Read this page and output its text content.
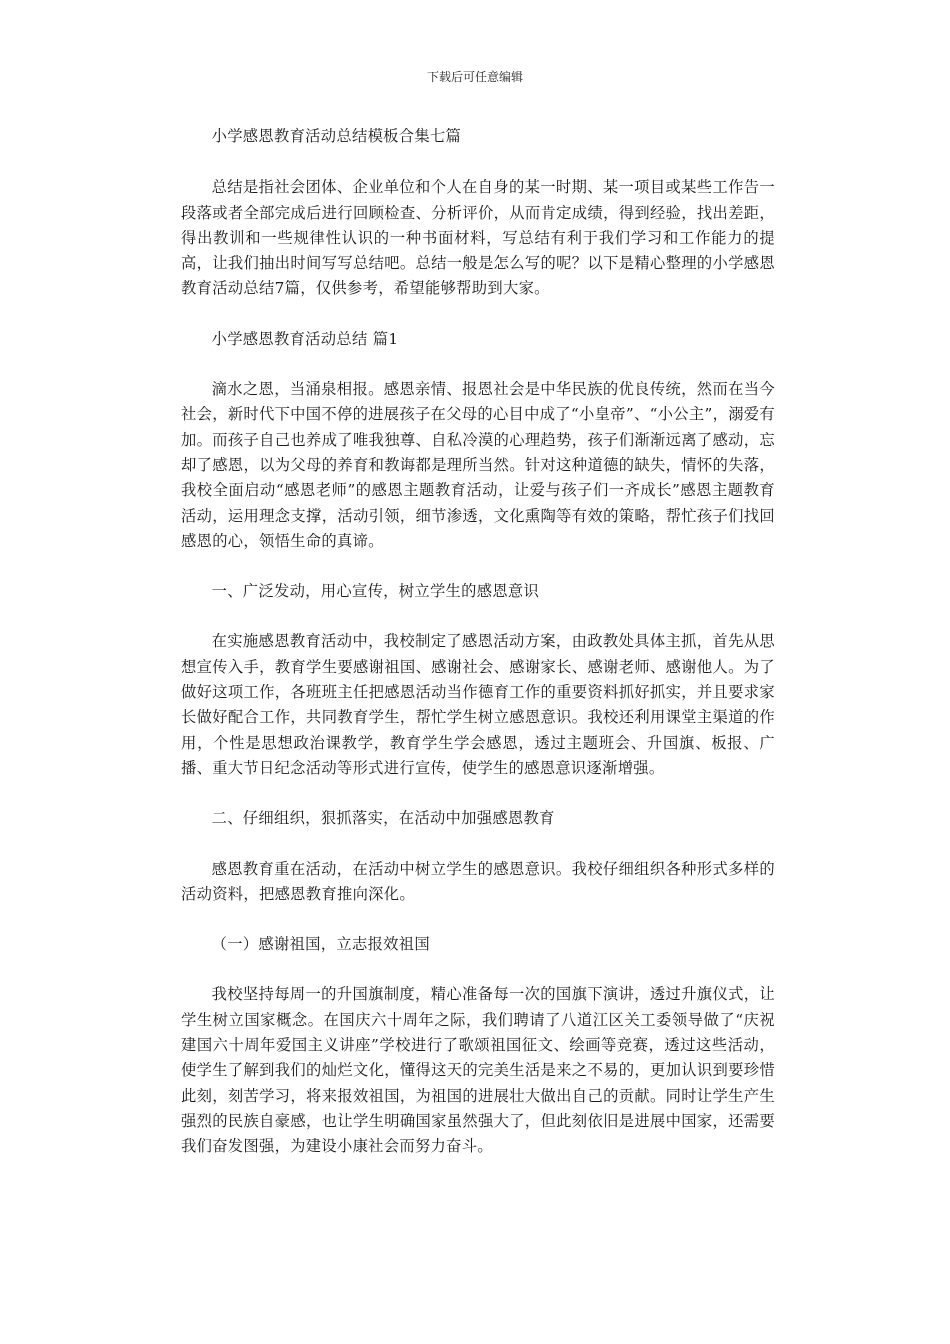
下载后可任意编辑

小学感恩教育活动总结模板合集七篇

总结是指社会团体、企业单位和个人在自身的某一时期、某一项目或某些工作告一段落或者全部完成后进行回顾检查、分析评价，从而肯定成绩，得到经验，找出差距，得出教训和一些规律性认识的一种书面材料，写总结有利于我们学习和工作能力的提高，让我们抽出时间写写总结吧。总结一般是怎么写的呢？以下是精心整理的小学感恩教育活动总结7篇，仅供参考，希望能够帮助到大家。

小学感恩教育活动总结 篇1

滴水之恩，当涌泉相报。感恩亲情、报恩社会是中华民族的优良传统，然而在当今社会，新时代下中国不停的进展孩子在父母的心目中成了“小皇帝”、“小公主”，溺爱有加。而孩子自己也养成了唯我独尊、自私冷漠的心理趋势，孩子们渐渐远离了感动，忘却了感恩，以为父母的养育和教诲都是理所当然。针对这种道德的缺失，情怀的失落，我校全面启动“感恩老师”的感恩主题教育活动，让爱与孩子们一齐成长”感恩主题教育活动，运用理念支撑，活动引领，细节渗透，文化熏陶等有效的策略，帮忙孩子们找回感恩的心，领悟生命的真谛。

一、广泛发动，用心宣传，树立学生的感恩意识

在实施感恩教育活动中，我校制定了感恩活动方案，由政教处具体主抓，首先从思想宣传入手，教育学生要感谢祖国、感谢社会、感谢家长、感谢老师、感谢他人。为了做好这项工作，各班班主任把感恩活动当作德育工作的重要资料抓好抓实，并且要求家长做好配合工作，共同教育学生，帮忙学生树立感恩意识。我校还利用课堂主渠道的作用，个性是思想政治课教学，教育学生学会感恩，透过主题班会、升国旗、板报、广播、重大节日纪念活动等形式进行宣传，使学生的感恩意识逐渐增强。

二、仔细组织，狠抓落实，在活动中加强感恩教育

感恩教育重在活动，在活动中树立学生的感恩意识。我校仔细组织各种形式多样的活动资料，把感恩教育推向深化。

（一）感谢祖国，立志报效祖国

我校坚持每周一的升国旗制度，精心准备每一次的国旗下演讲，透过升旗仪式，让学生树立国家概念。在国庆六十周年之际，我们聘请了八道江区关工委领导做了“庆祝建国六十周年爱国主义讲座”学校进行了歌颂祖国征文、绘画等竞赛，透过这些活动，使学生了解到我们的灿烂文化，懂得这天的完美生活是来之不易的，更加认识到要珍惜此刻，刻苦学习，将来报效祖国，为祖国的进展壮大做出自己的贡献。同时让学生产生强烈的民族自豪感，也让学生明确国家虽然强大了，但此刻依旧是进展中国家，还需要我们奋发图强，为建设小康社会而努力奋斗。
